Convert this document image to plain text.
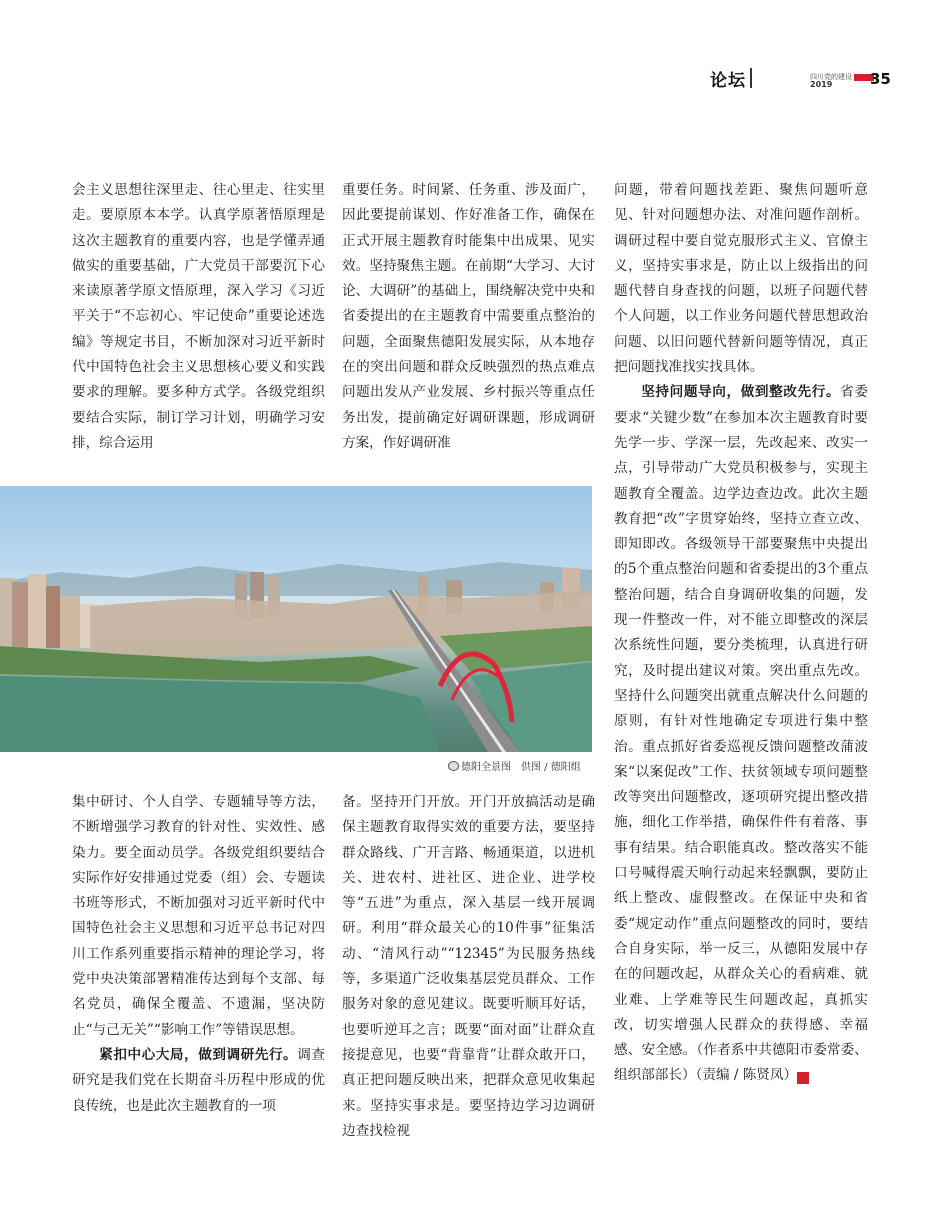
论坛	四川党的建设
2019	35

会主义思想往深里走、往心里走、往实里走。要原原本本学。认真学原著悟原理是这次主题教育的重要内容，也是学懂弄通做实的重要基础，广大党员干部要沉下心来读原著学原文悟原理，深入学习《习近平关于“不忘初心、牢记使命”重要论述选编》等规定书目，不断加深对习近平新时代中国特色社会主义思想核心要义和实践要求的理解。要多种方式学。各级党组织要结合实际，制订学习计划，明确学习安排，综合运用

重要任务。时间紧、任务重、涉及面广，因此要提前谋划、作好准备工作，确保在正式开展主题教育时能集中出成果、见实效。坚持聚焦主题。在前期“大学习、大讨论、大调研”的基础上，围绕解决党中央和省委提出的在主题教育中需要重点整治的问题，全面聚焦德阳发展实际，从本地存在的突出问题和群众反映强烈的热点难点问题出发从产业发展、乡村振兴等重点任务出发，提前确定好调研课题，形成调研方案，作好调研准

问题，带着问题找差距、聚焦问题听意见、针对问题想办法、对准问题作剖析。调研过程中要自觉克服形式主义、官僚主义，坚持实事求是，防止以上级指出的问题代替自身查找的问题，以班子问题代替个人问题，以工作业务问题代替思想政治问题、以旧问题代替新问题等情况，真正把问题找准找实找具体。

坚持问题导向，做到整改先行。省委要求“关键少数”在参加本次主题教育时要先学一步、学深一层，先改起来、改实一点，引导带动广大党员积极参与，实现主题教育全覆盖。边学边查边改。此次主题教育把“改”字贯穿始终，坚持立查立改、即知即改。各级领导干部要聚焦中央提出的5个重点整治问题和省委提出的3个重点整治问题，结合自身调研收集的问题，发现一件整改一件，对不能立即整改的深层次系统性问题，要分类梳理，认真进行研究，及时提出建议对策。突出重点先改。坚持什么问题突出就重点解决什么问题的原则，有针对性地确定专项进行集中整治。重点抓好省委巡视反馈问题整改蒲波案“以案促改”工作、扶贫领域专项问题整改等突出问题整改，逐项研究提出整改措施，细化工作举措，确保件件有着落、事事有结果。结合职能真改。整改落实不能口号喊得震天响行动起来轻飘飘，要防止纸上整改、虚假整改。在保证中央和省委“规定动作”重点问题整改的同时，要结合自身实际，举一反三，从德阳发展中存在的问题改起，从群众关心的看病难、就业难、上学难等民生问题改起，真抓实改，切实增强人民群众的获得感、幸福感、安全感。（作者系中共德阳市委常委、组织部部长）（责编 / 陈贤凤）	D

德阳全景图　供图 / 德阳组

集中研讨、个人自学、专题辅导等方法，不断增强学习教育的针对性、实效性、感染力。要全面动员学。各级党组织要结合实际作好安排通过党委（组）会、专题读书班等形式，不断加强对习近平新时代中国特色社会主义思想和习近平总书记对四川工作系列重要指示精神的理论学习，将党中央决策部署精准传达到每个支部、每名党员，确保全覆盖、不遗漏，坚决防止“与己无关”“影响工作”等错误思想。

紧扣中心大局，做到调研先行。调查研究是我们党在长期奋斗历程中形成的优良传统，也是此次主题教育的一项

备。坚持开门开放。开门开放搞活动是确保主题教育取得实效的重要方法，要坚持群众路线、广开言路、畅通渠道，以进机关、进农村、进社区、进企业、进学校等“五进”为重点，深入基层一线开展调研。利用“群众最关心的10件事”征集活动、“清风行动”“12345”为民服务热线等，多渠道广泛收集基层党员群众、工作服务对象的意见建议。既要听顺耳好话，也要听逆耳之言；既要“面对面”让群众直接提意见，也要“背靠背”让群众敢开口，真正把问题反映出来，把群众意见收集起来。坚持实事求是。要坚持边学习边调研边查找检视
